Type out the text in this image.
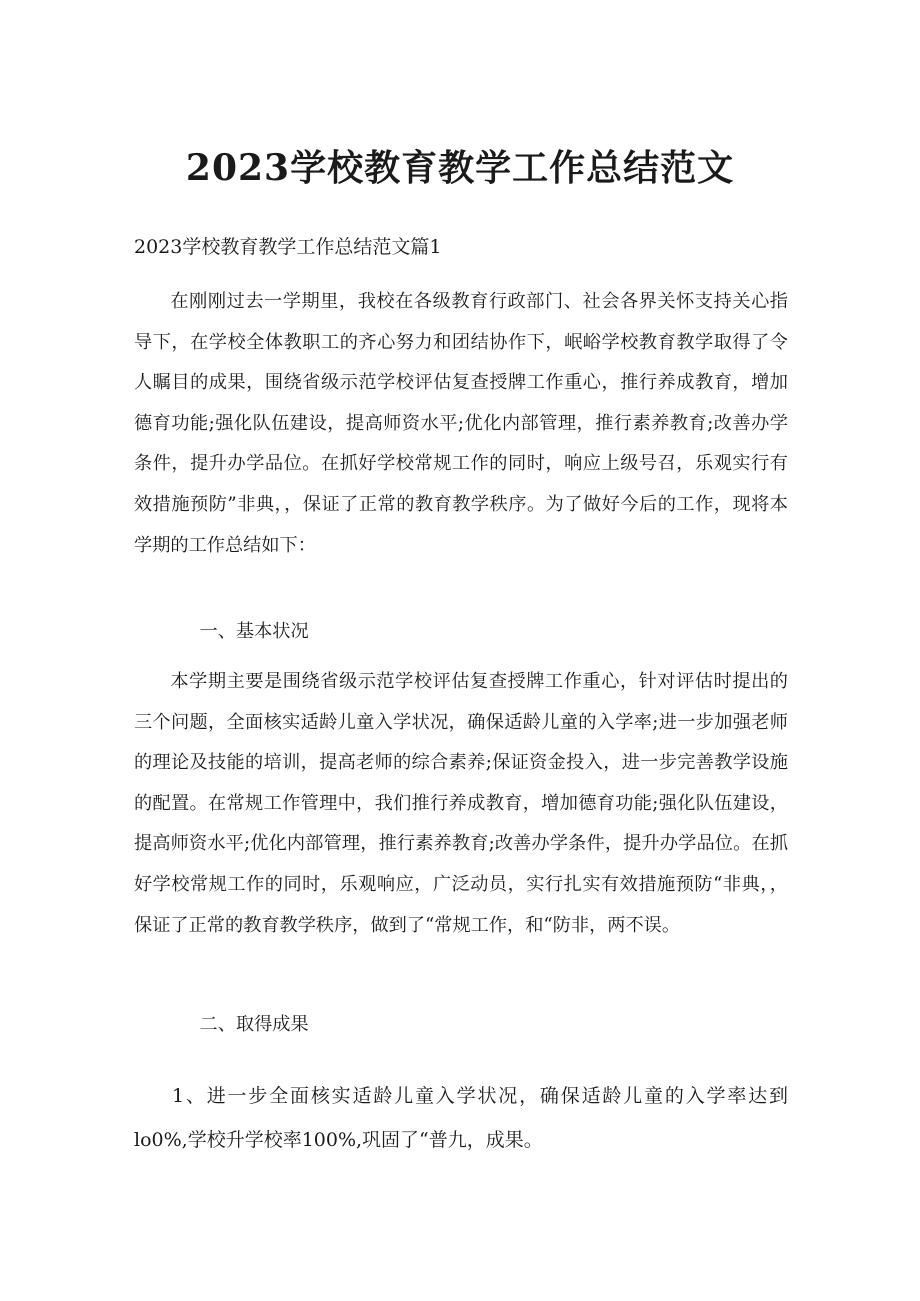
2023学校教育教学工作总结范文

2023学校教育教学工作总结范文篇1

在刚刚过去一学期里，我校在各级教育行政部门、社会各界关怀支持关心指导下，在学校全体教职工的齐心努力和团结协作下，岷峪学校教育教学取得了令人瞩目的成果，围绕省级示范学校评估复查授牌工作重心，推行养成教育，增加德育功能;强化队伍建设，提高师资水平;优化内部管理，推行素养教育;改善办学条件，提升办学品位。在抓好学校常规工作的同时，响应上级号召，乐观实行有效措施预防”非典，，保证了正常的教育教学秩序。为了做好今后的工作，现将本学期的工作总结如下：

一、基本状况

本学期主要是围绕省级示范学校评估复查授牌工作重心，针对评估时提出的三个问题，全面核实适龄儿童入学状况，确保适龄儿童的入学率;进一步加强老师的理论及技能的培训，提高老师的综合素养;保证资金投入，进一步完善教学设施的配置。在常规工作管理中，我们推行养成教育，增加德育功能;强化队伍建设，提高师资水平;优化内部管理，推行素养教育;改善办学条件，提升办学品位。在抓好学校常规工作的同时，乐观响应，广泛动员，实行扎实有效措施预防“非典，，保证了正常的教育教学秩序，做到了“常规工作，和“防非，两不误。

二、取得成果

1、进一步全面核实适龄儿童入学状况，确保适龄儿童的入学率达到lo0%,学校升学校率100%,巩固了“普九，成果。
